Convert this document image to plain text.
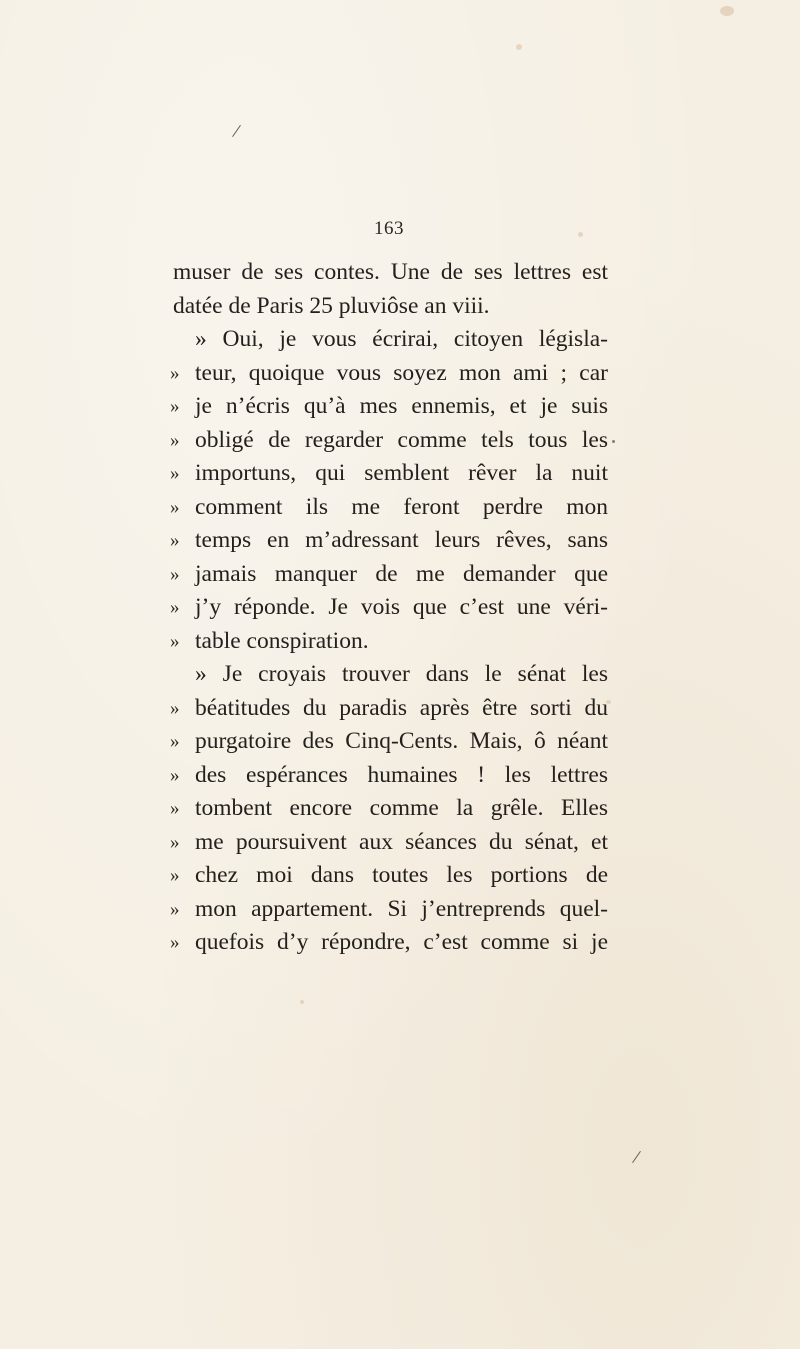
163
muser de ses contes. Une de ses lettres est
datée de Paris 25 pluviôse an viii.
» Oui, je vous écrirai, citoyen législa-
» teur, quoique vous soyez mon ami ; car
» je n’écris qu’à mes ennemis, et je suis
» obligé de regarder comme tels tous les
» importuns, qui semblent rêver la nuit
» comment ils me feront perdre mon
» temps en m’adressant leurs rêves, sans
» jamais manquer de me demander que
» j’y réponde. Je vois que c’est une véri-
» table conspiration.
» Je croyais trouver dans le sénat les
» béatitudes du paradis après être sorti du
» purgatoire des Cinq-Cents. Mais, ô néant
» des espérances humaines ! les lettres
» tombent encore comme la grêle. Elles
» me poursuivent aux séances du sénat, et
» chez moi dans toutes les portions de
» mon appartement. Si j’entreprends quel-
» quefois d’y répondre, c’est comme si je
